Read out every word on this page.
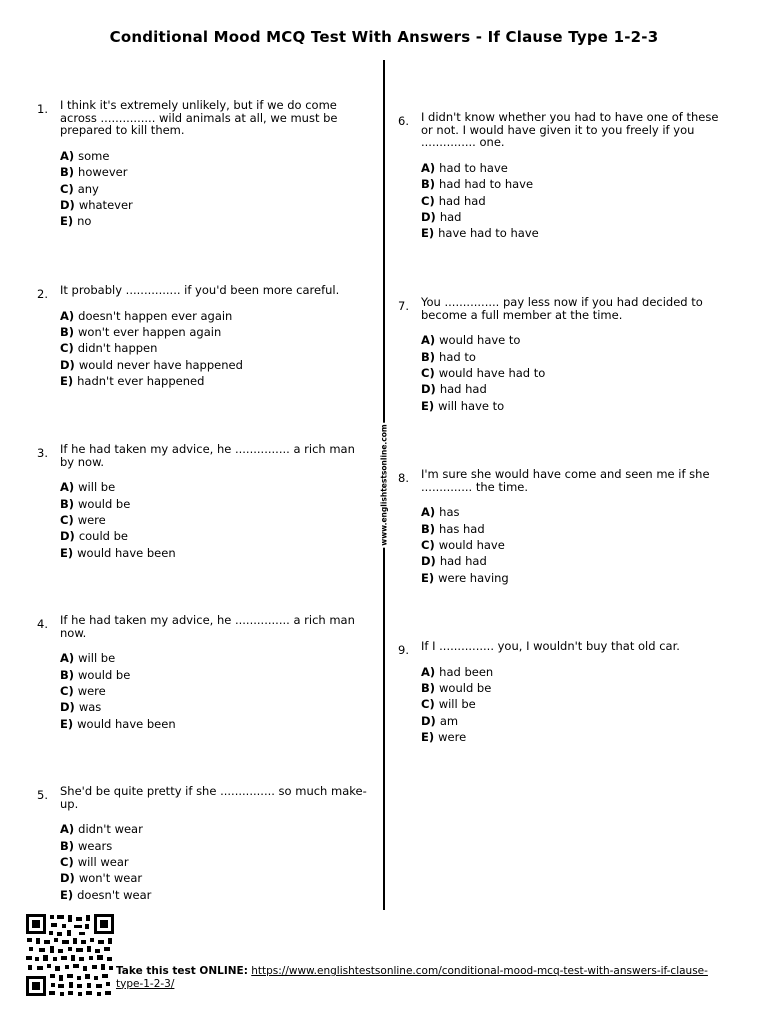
Conditional Mood MCQ Test With Answers - If Clause Type 1-2-3
www.englishtestsonline.com
1. I think it's extremely unlikely, but if we do come across ............... wild animals at all, we must be prepared to kill them.

A) some
B) however
C) any
D) whatever
E) no
2. It probably ............... if you'd been more careful.

A) doesn't happen ever again
B) won't ever happen again
C) didn't happen
D) would never have happened
E) hadn't ever happened
3. If he had taken my advice, he ............... a rich man by now.

A) will be
B) would be
C) were
D) could be
E) would have been
4. If he had taken my advice, he ............... a rich man now.

A) will be
B) would be
C) were
D) was
E) would have been
5. She'd be quite pretty if she ............... so much make-up.

A) didn't wear
B) wears
C) will wear
D) won't wear
E) doesn't wear
6. I didn't know whether you had to have one of these or not. I would have given it to you freely if you ............... one.

A) had to have
B) had had to have
C) had had
D) had
E) have had to have
7. You ............... pay less now if you had decided to become a full member at the time.

A) would have to
B) had to
C) would have had to
D) had had
E) will have to
8. I'm sure she would have come and seen me if she .............. the time.

A) has
B) has had
C) would have
D) had had
E) were having
9. If I ............... you, I wouldn't buy that old car.

A) had been
B) would be
C) will be
D) am
E) were
Take this test ONLINE: https://www.englishtestsonline.com/conditional-mood-mcq-test-with-answers-if-clause-type-1-2-3/
